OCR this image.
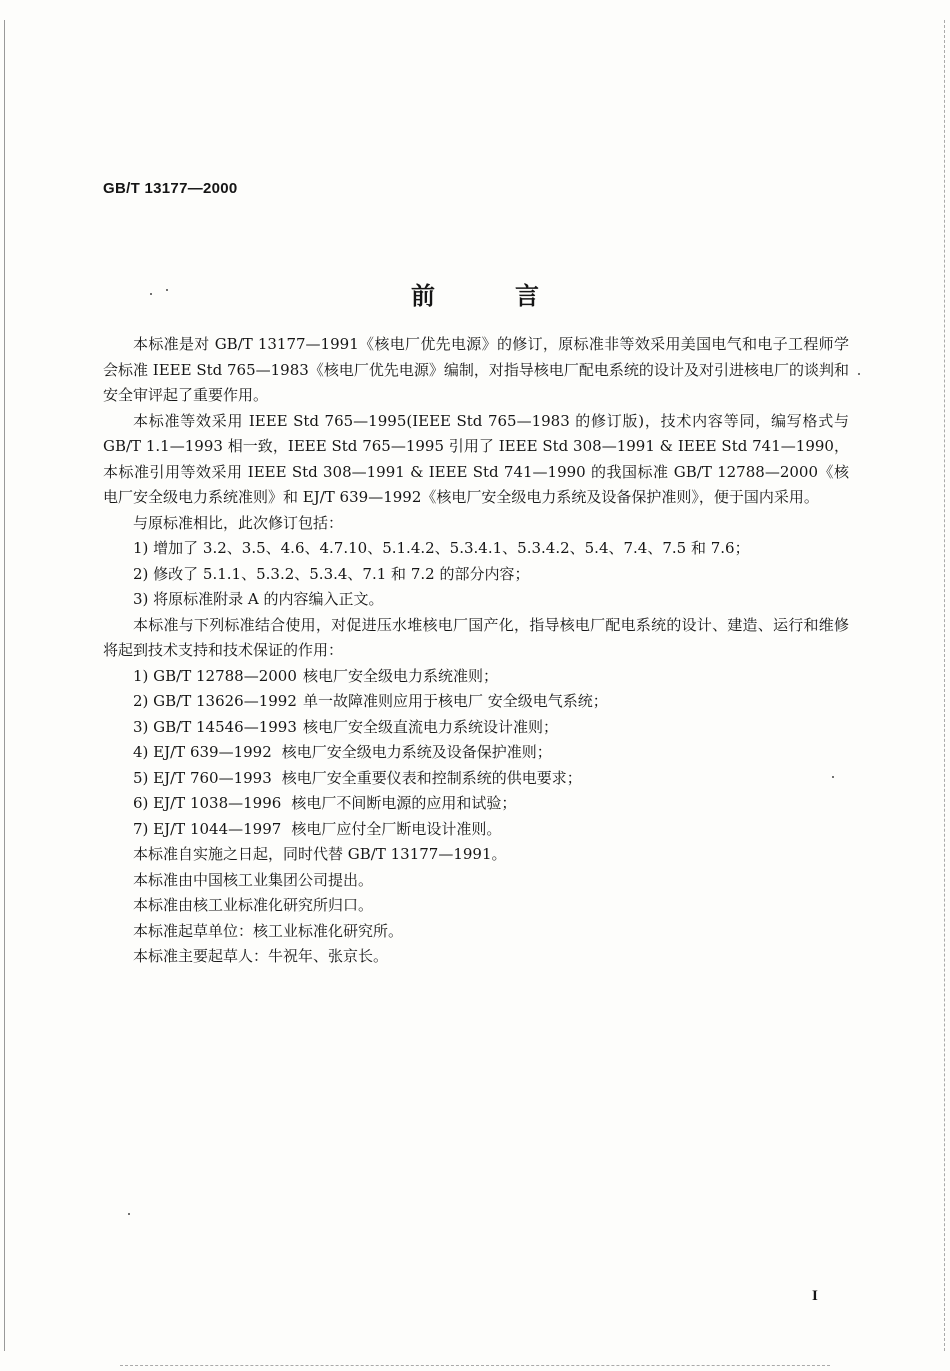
GB/T 13177—2000
前言

本标准是对 GB/T 13177—1991《核电厂优先电源》的修订，原标准非等效采用美国电气和电子工程师学会标准 IEEE Std 765—1983《核电厂优先电源》编制，对指导核电厂配电系统的设计及对引进核电厂的谈判和安全审评起了重要作用。

本标准等效采用 IEEE Std 765—1995(IEEE Std 765—1983 的修订版)，技术内容等同，编写格式与 GB/T 1.1—1993 相一致，IEEE Std 765—1995 引用了 IEEE Std 308—1991 & IEEE Std 741—1990，本标准引用等效采用 IEEE Std 308—1991 & IEEE Std 741—1990 的我国标准 GB/T 12788—2000《核电厂安全级电力系统准则》和 EJ/T 639—1992《核电厂安全级电力系统及设备保护准则》，便于国内采用。

与原标准相比，此次修订包括：

1) 增加了 3.2、3.5、4.6、4.7.10、5.1.4.2、5.3.4.1、5.3.4.2、5.4、7.4、7.5 和 7.6；
2) 修改了 5.1.1、5.3.2、5.3.4、7.1 和 7.2 的部分内容；
3) 将原标准附录 A 的内容编入正文。

本标准与下列标准结合使用，对促进压水堆核电厂国产化，指导核电厂配电系统的设计、建造、运行和维修将起到技术支持和技术保证的作用：

1) GB/T 12788—2000 核电厂安全级电力系统准则；
2) GB/T 13626—1992 单一故障准则应用于核电厂 安全级电气系统；
3) GB/T 14546—1993 核电厂安全级直流电力系统设计准则；
4) EJ/T 639—1992 核电厂安全级电力系统及设备保护准则；
5) EJ/T 760—1993 核电厂安全重要仪表和控制系统的供电要求；
6) EJ/T 1038—1996 核电厂不间断电源的应用和试验；
7) EJ/T 1044—1997 核电厂应付全厂断电设计准则。

本标准自实施之日起，同时代替 GB/T 13177—1991。

本标准由中国核工业集团公司提出。

本标准由核工业标准化研究所归口。

本标准起草单位：核工业标准化研究所。

本标准主要起草人：牛祝年、张京长。

I
